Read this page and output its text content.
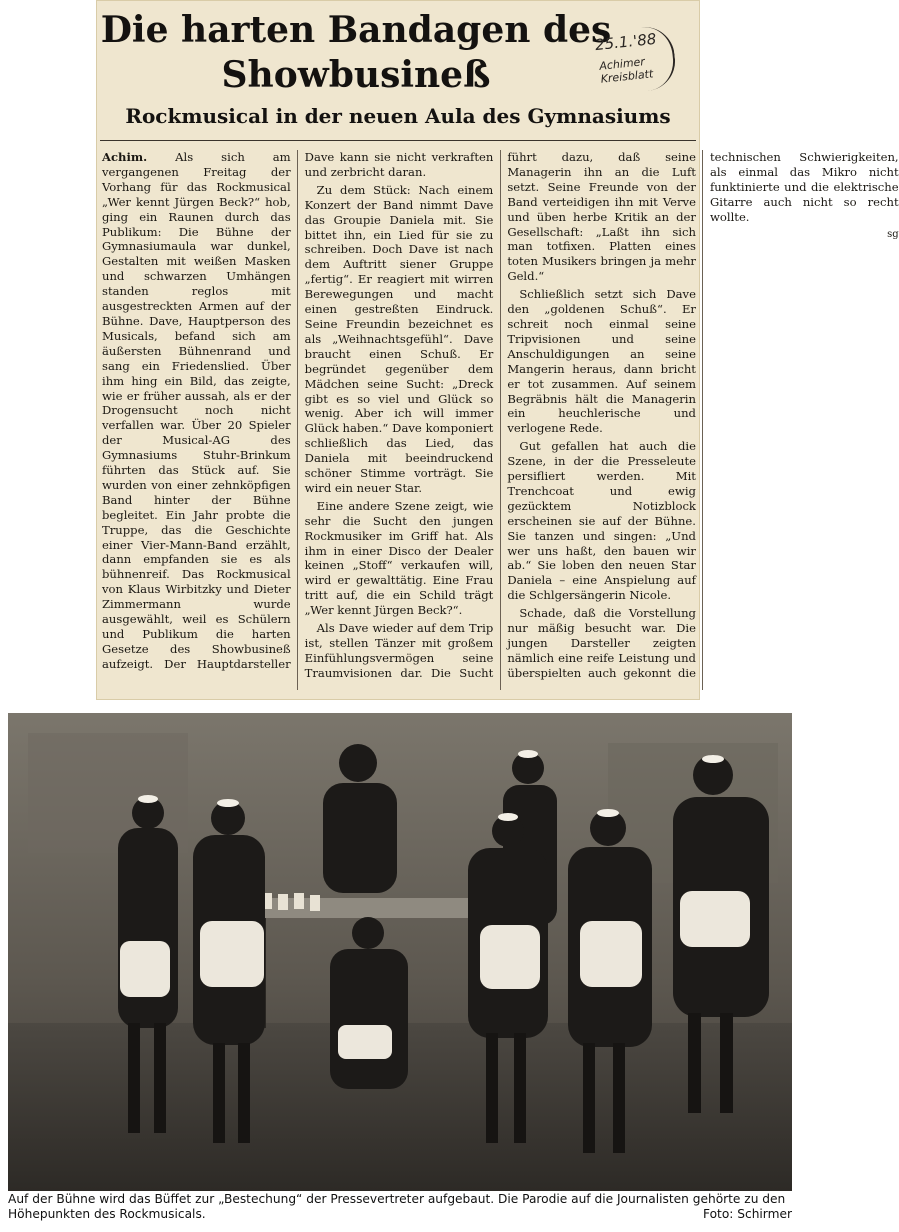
Die harten Bandagen des Showbusineß
25.1.'88
Achimer Kreisblatt
Rockmusical in der neuen Aula des Gymnasiums

Achim. Als sich am vergangenen Freitag der Vorhang für das Rockmusical „Wer kennt Jürgen Beck?“ hob, ging ein Raunen durch das Publikum: Die Bühne der Gymnasiumaula war dunkel, Gestalten mit weißen Masken und schwarzen Umhängen standen reglos mit ausgestreckten Armen auf der Bühne. Dave, Hauptperson des Musicals, befand sich am äußersten Bühnenrand und sang ein Friedenslied. Über ihm hing ein Bild, das zeigte, wie er früher aussah, als er der Drogensucht noch nicht verfallen war. Über 20 Spieler der Musical-AG des Gymnasiums Stuhr-Brinkum führten das Stück auf. Sie wurden von einer zehnköpfigen Band hinter der Bühne begleitet. Ein Jahr probte die Truppe, das die Geschichte einer Vier-Mann-Band erzählt, dann empfanden sie es als bühnenreif. Das Rockmusical von Klaus Wirbitzky und Dieter Zimmermann wurde ausgewählt, weil es Schülern und Publikum die harten Gesetze des Showbusineß aufzeigt. Der Hauptdarsteller Dave kann sie nicht verkraften und zerbricht daran.

Zu dem Stück: Nach einem Konzert der Band nimmt Dave das Groupie Daniela mit. Sie bittet ihn, ein Lied für sie zu schreiben. Doch Dave ist nach dem Auftritt siener Gruppe „fertig“. Er reagiert mit wirren Berewegungen und macht einen gestreßten Eindruck. Seine Freundin bezeichnet es als „Weihnachtsgefühl“. Dave braucht einen Schuß. Er begründet gegenüber dem Mädchen seine Sucht: „Dreck gibt es so viel und Glück so wenig. Aber ich will immer Glück haben.“ Dave komponiert schließlich das Lied, das Daniela mit beeindruckend schöner Stimme vorträgt. Sie wird ein neuer Star.

Eine andere Szene zeigt, wie sehr die Sucht den jungen Rockmusiker im Griff hat. Als ihm in einer Disco der Dealer keinen „Stoff“ verkaufen will, wird er gewalttätig. Eine Frau tritt auf, die ein Schild trägt „Wer kennt Jürgen Beck?“.

Als Dave wieder auf dem Trip ist, stellen Tänzer mit großem Einfühlungsvermögen seine Traumvisionen dar. Die Sucht führt dazu, daß seine Managerin ihn an die Luft setzt. Seine Freunde von der Band verteidigen ihn mit Verve und üben herbe Kritik an der Gesellschaft: „Laßt ihn sich man totfixen. Platten eines toten Musikers bringen ja mehr Geld.“

Schließlich setzt sich Dave den „goldenen Schuß“. Er schreit noch einmal seine Tripvisionen und seine Anschuldigungen an seine Mangerin heraus, dann bricht er tot zusammen. Auf seinem Begräbnis hält die Managerin ein heuchlerische und verlogene Rede.

Gut gefallen hat auch die Szene, in der die Presseleute persifliert werden. Mit Trenchcoat und ewig gezücktem Notizblock erscheinen sie auf der Bühne. Sie tanzen und singen: „Und wer uns haßt, den bauen wir ab.“ Sie loben den neuen Star Daniela – eine Anspielung auf die Schlgersängerin Nicole.

Schade, daß die Vorstellung nur mäßig besucht war. Die jungen Darsteller zeigten nämlich eine reife Leistung und überspielten auch gekonnt die technischen Schwierigkeiten, als einmal das Mikro nicht funktinierte und die elektrische Gitarre auch nicht so recht wollte.

sg
Auf der Bühne wird das Büffet zur „Bestechung“ der Pressevertreter aufgebaut. Die Parodie auf die Journalisten gehörte zu den Höhepunkten des Rockmusicals.	Foto: Schirmer
